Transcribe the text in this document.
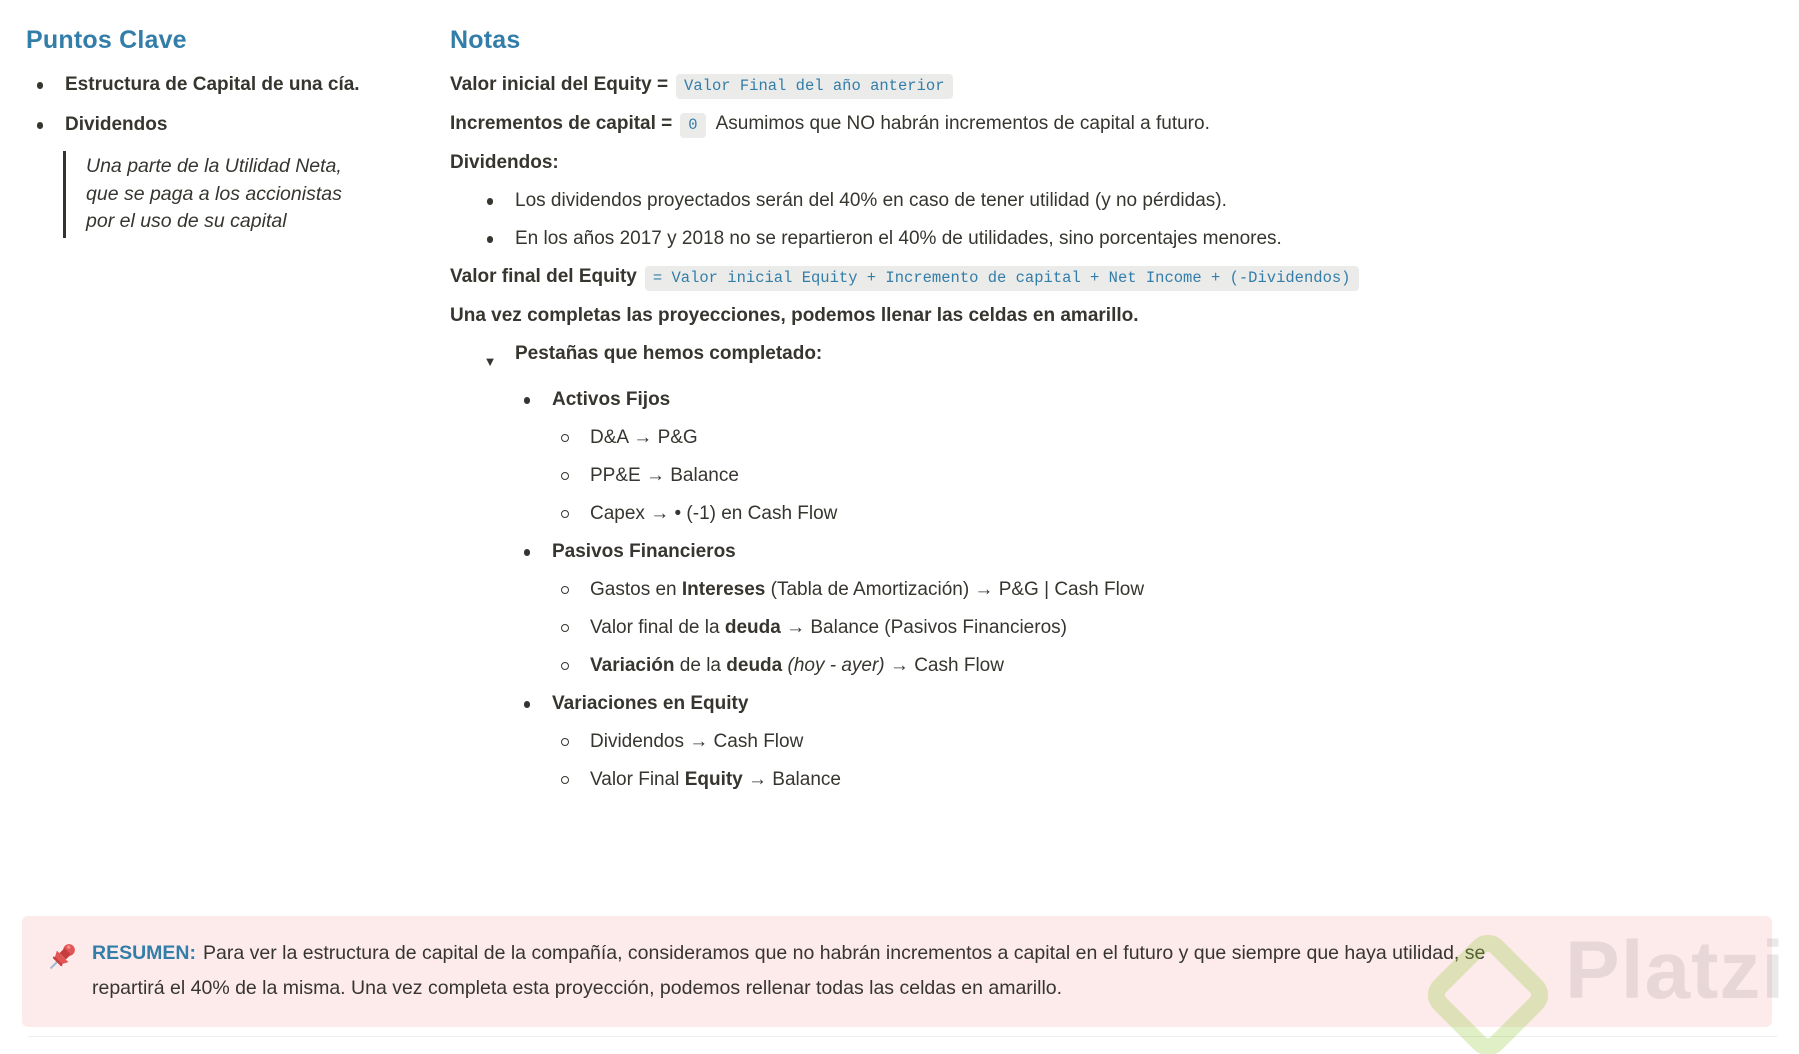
Puntos Clave
Estructura de Capital de una cía.
Dividendos
Una parte de la Utilidad Neta, que se paga a los accionistas por el uso de su capital
Notas
Valor inicial del Equity = Valor Final del año anterior
Incrementos de capital = 0 Asumimos que NO habrán incrementos de capital a futuro.
Dividendos:
Los dividendos proyectados serán del 40% en caso de tener utilidad (y no pérdidas).
En los años 2017 y 2018 no se repartieron el 40% de utilidades, sino porcentajes menores.
Valor final del Equity = Valor inicial Equity + Incremento de capital + Net Income + (-Dividendos)
Una vez completas las proyecciones, podemos llenar las celdas en amarillo.
▼ Pestañas que hemos completado:
Activos Fijos
D&A → P&G
PP&E → Balance
Capex → • (-1) en Cash Flow
Pasivos Financieros
Gastos en Intereses (Tabla de Amortización) → P&G | Cash Flow
Valor final de la deuda → Balance (Pasivos Financieros)
Variación de la deuda (hoy - ayer) → Cash Flow
Variaciones en Equity
Dividendos → Cash Flow
Valor Final Equity → Balance
RESUMEN: Para ver la estructura de capital de la compañía, consideramos que no habrán incrementos a capital en el futuro y que siempre que haya utilidad, se repartirá el 40% de la misma. Una vez completa esta proyección, podemos rellenar todas las celdas en amarillo.
